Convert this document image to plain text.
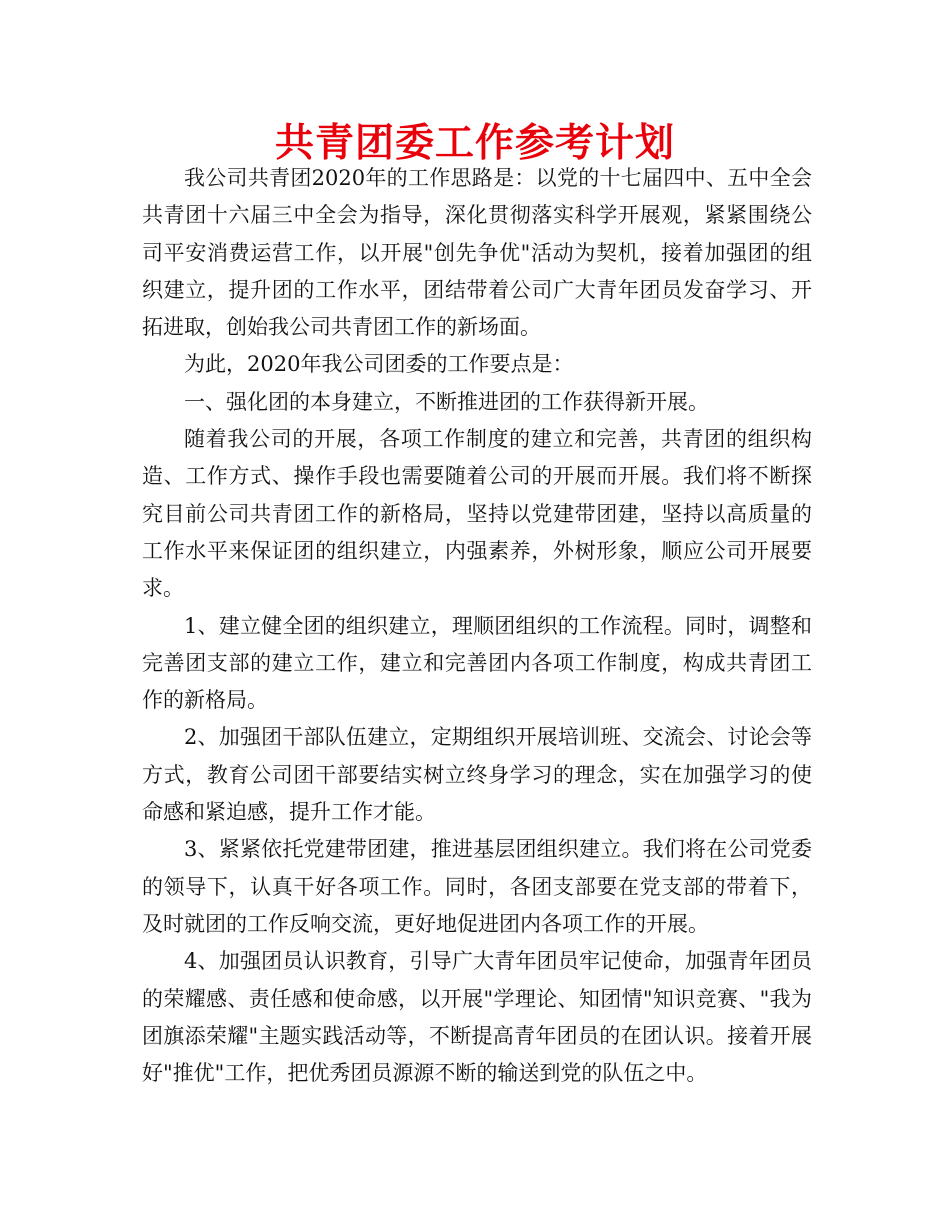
共青团委工作参考计划

我公司共青团2020年的工作思路是：以党的十七届四中、五中全会共青团十六届三中全会为指导，深化贯彻落实科学开展观，紧紧围绕公司平安消费运营工作，以开展"创先争优"活动为契机，接着加强团的组织建立，提升团的工作水平，团结带着公司广大青年团员发奋学习、开拓进取，创始我公司共青团工作的新场面。

为此，2020年我公司团委的工作要点是：

一、强化团的本身建立，不断推进团的工作获得新开展。

随着我公司的开展，各项工作制度的建立和完善，共青团的组织构造、工作方式、操作手段也需要随着公司的开展而开展。我们将不断探究目前公司共青团工作的新格局，坚持以党建带团建，坚持以高质量的工作水平来保证团的组织建立，内强素养，外树形象，顺应公司开展要求。

1、建立健全团的组织建立，理顺团组织的工作流程。同时，调整和完善团支部的建立工作，建立和完善团内各项工作制度，构成共青团工作的新格局。

2、加强团干部队伍建立，定期组织开展培训班、交流会、讨论会等方式，教育公司团干部要结实树立终身学习的理念，实在加强学习的使命感和紧迫感，提升工作才能。

3、紧紧依托党建带团建，推进基层团组织建立。我们将在公司党委的领导下，认真干好各项工作。同时，各团支部要在党支部的带着下，及时就团的工作反响交流，更好地促进团内各项工作的开展。

4、加强团员认识教育，引导广大青年团员牢记使命，加强青年团员的荣耀感、责任感和使命感，以开展"学理论、知团情"知识竞赛、"我为团旗添荣耀"主题实践活动等，不断提高青年团员的在团认识。接着开展好"推优"工作，把优秀团员源源不断的输送到党的队伍之中。
